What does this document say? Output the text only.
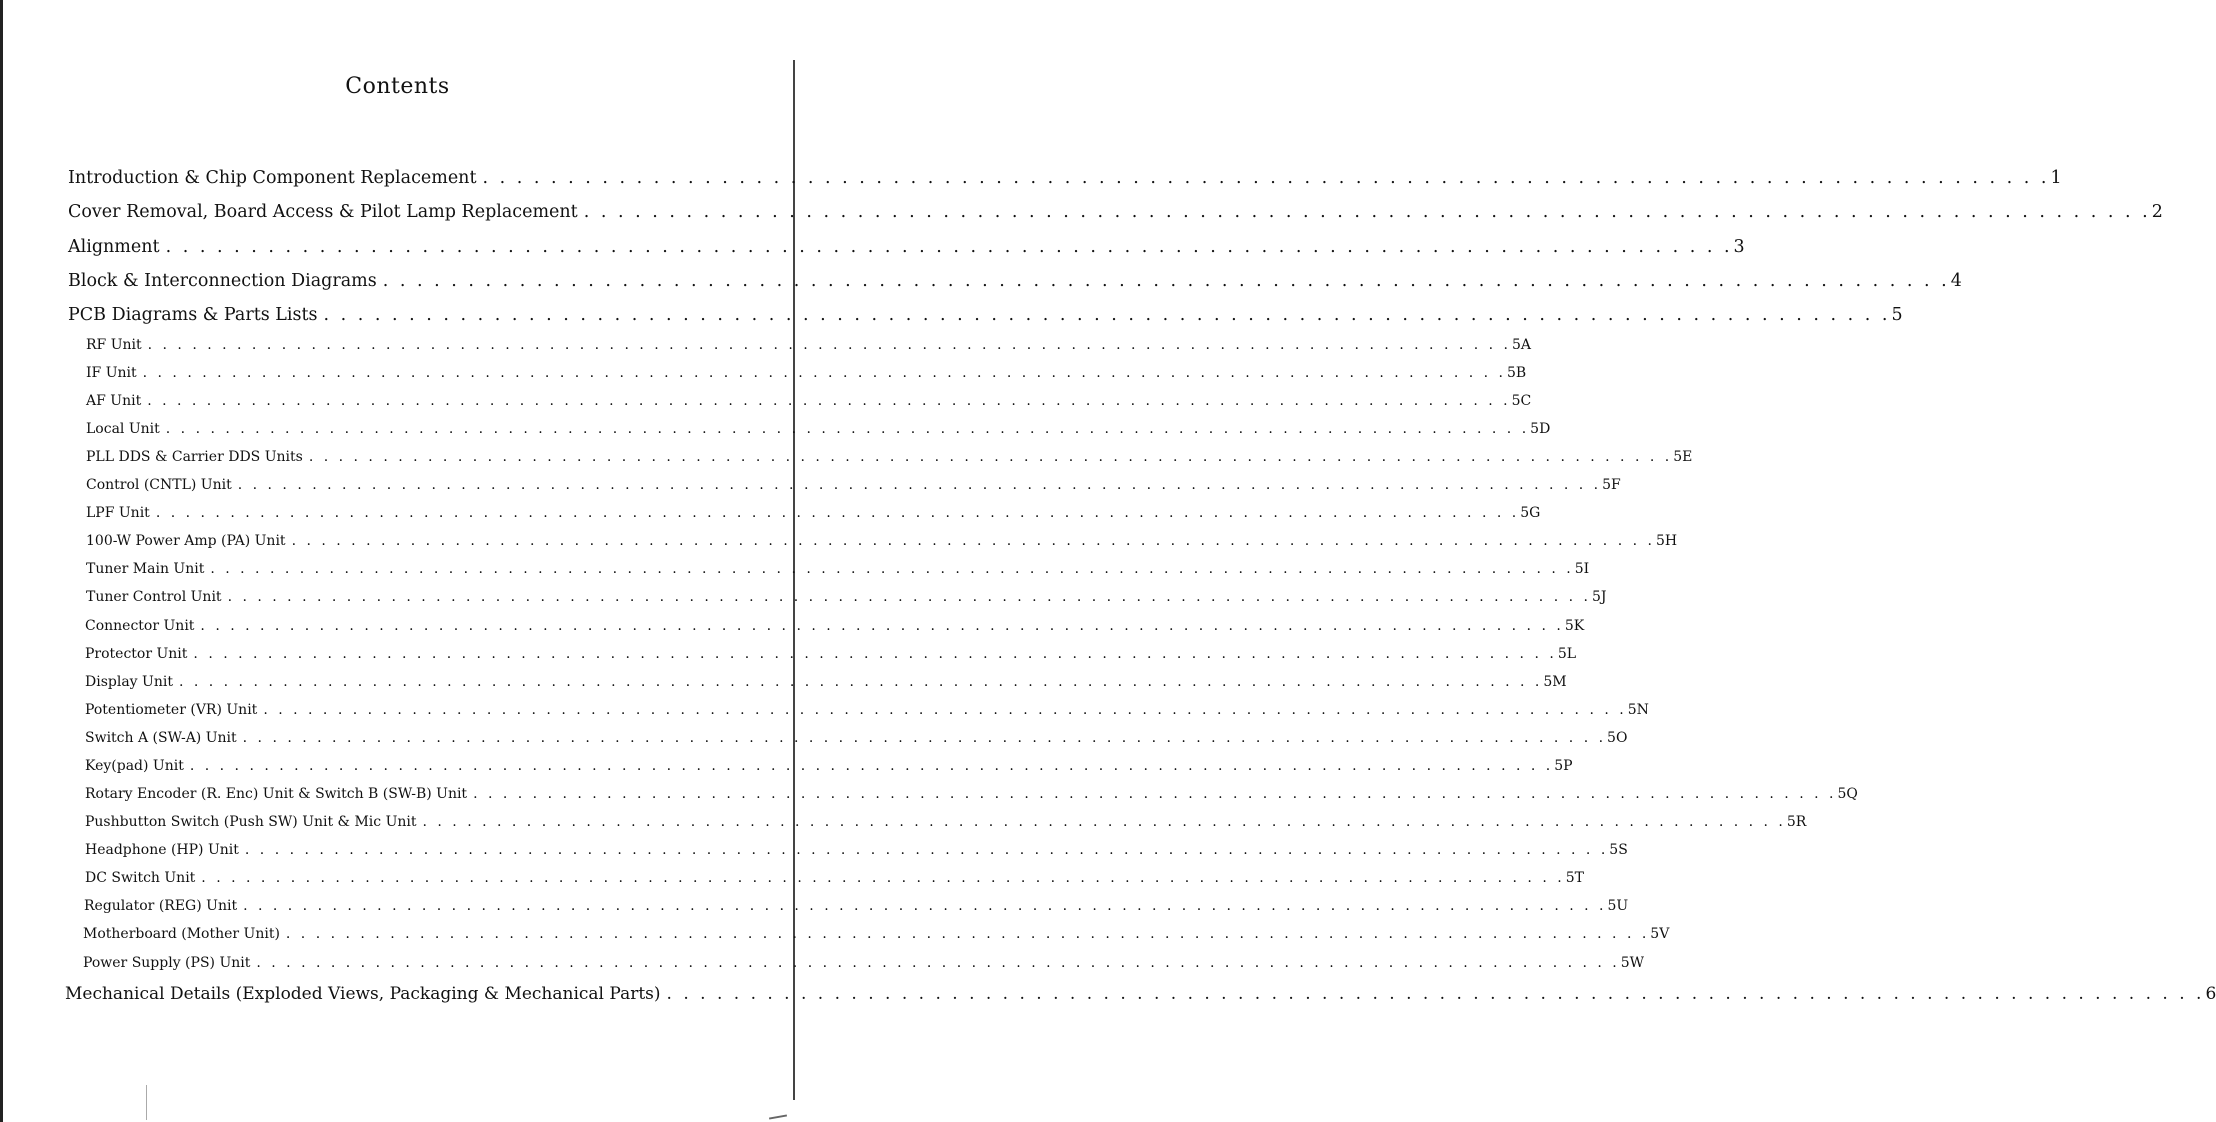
Contents
Introduction & Chip Component Replacement . . . . . . . . . . . . . . . . . . . . . . . . . . . . . . . . . . . . . . . . . . . . . . . . . . . . . . . . . . . . . . . . . . . . . . . . . . . . . . . . . . . . . . . . . . . . 1
Cover Removal, Board Access & Pilot Lamp Replacement . . . . . . . . . . . . . . . . . . . . . . . . . . . . . . . . . . . . . . . . . . . . . . . . . . . . . . . . . . . . . . . . . . . . . . . . . . . . . . . . . . . . . . . . . . . . 2
Alignment . . . . . . . . . . . . . . . . . . . . . . . . . . . . . . . . . . . . . . . . . . . . . . . . . . . . . . . . . . . . . . . . . . . . . . . . . . . . . . . . . . . . . . . . . . . . 3
Block & Interconnection Diagrams . . . . . . . . . . . . . . . . . . . . . . . . . . . . . . . . . . . . . . . . . . . . . . . . . . . . . . . . . . . . . . . . . . . . . . . . . . . . . . . . . . . . . . . . . . . . 4
PCB Diagrams & Parts Lists . . . . . . . . . . . . . . . . . . . . . . . . . . . . . . . . . . . . . . . . . . . . . . . . . . . . . . . . . . . . . . . . . . . . . . . . . . . . . . . . . . . . . . . . . . . . 5
RF Unit . . . . . . . . . . . . . . . . . . . . . . . . . . . . . . . . . . . . . . . . . . . . . . . . . . . . . . . . . . . . . . . . . . . . . . . . . . . . . . . . . . . . . . . . . . . . 5A
IF Unit . . . . . . . . . . . . . . . . . . . . . . . . . . . . . . . . . . . . . . . . . . . . . . . . . . . . . . . . . . . . . . . . . . . . . . . . . . . . . . . . . . . . . . . . . . . . 5B
AF Unit . . . . . . . . . . . . . . . . . . . . . . . . . . . . . . . . . . . . . . . . . . . . . . . . . . . . . . . . . . . . . . . . . . . . . . . . . . . . . . . . . . . . . . . . . . . . 5C
Local Unit . . . . . . . . . . . . . . . . . . . . . . . . . . . . . . . . . . . . . . . . . . . . . . . . . . . . . . . . . . . . . . . . . . . . . . . . . . . . . . . . . . . . . . . . . . . . 5D
PLL DDS & Carrier DDS Units . . . . . . . . . . . . . . . . . . . . . . . . . . . . . . . . . . . . . . . . . . . . . . . . . . . . . . . . . . . . . . . . . . . . . . . . . . . . . . . . . . . . . . . . . . . . 5E
Control (CNTL) Unit . . . . . . . . . . . . . . . . . . . . . . . . . . . . . . . . . . . . . . . . . . . . . . . . . . . . . . . . . . . . . . . . . . . . . . . . . . . . . . . . . . . . . . . . . . . . 5F
LPF Unit . . . . . . . . . . . . . . . . . . . . . . . . . . . . . . . . . . . . . . . . . . . . . . . . . . . . . . . . . . . . . . . . . . . . . . . . . . . . . . . . . . . . . . . . . . . . 5G
100-W Power Amp (PA) Unit . . . . . . . . . . . . . . . . . . . . . . . . . . . . . . . . . . . . . . . . . . . . . . . . . . . . . . . . . . . . . . . . . . . . . . . . . . . . . . . . . . . . . . . . . . . . 5H
Tuner Main Unit . . . . . . . . . . . . . . . . . . . . . . . . . . . . . . . . . . . . . . . . . . . . . . . . . . . . . . . . . . . . . . . . . . . . . . . . . . . . . . . . . . . . . . . . . . . . 5I
Tuner Control Unit . . . . . . . . . . . . . . . . . . . . . . . . . . . . . . . . . . . . . . . . . . . . . . . . . . . . . . . . . . . . . . . . . . . . . . . . . . . . . . . . . . . . . . . . . . . . 5J
Connector Unit . . . . . . . . . . . . . . . . . . . . . . . . . . . . . . . . . . . . . . . . . . . . . . . . . . . . . . . . . . . . . . . . . . . . . . . . . . . . . . . . . . . . . . . . . . . . 5K
Protector Unit . . . . . . . . . . . . . . . . . . . . . . . . . . . . . . . . . . . . . . . . . . . . . . . . . . . . . . . . . . . . . . . . . . . . . . . . . . . . . . . . . . . . . . . . . . . . 5L
Display Unit . . . . . . . . . . . . . . . . . . . . . . . . . . . . . . . . . . . . . . . . . . . . . . . . . . . . . . . . . . . . . . . . . . . . . . . . . . . . . . . . . . . . . . . . . . . . 5M
Potentiometer (VR) Unit . . . . . . . . . . . . . . . . . . . . . . . . . . . . . . . . . . . . . . . . . . . . . . . . . . . . . . . . . . . . . . . . . . . . . . . . . . . . . . . . . . . . . . . . . . . . 5N
Switch A (SW-A) Unit . . . . . . . . . . . . . . . . . . . . . . . . . . . . . . . . . . . . . . . . . . . . . . . . . . . . . . . . . . . . . . . . . . . . . . . . . . . . . . . . . . . . . . . . . . . . 5O
Key(pad) Unit . . . . . . . . . . . . . . . . . . . . . . . . . . . . . . . . . . . . . . . . . . . . . . . . . . . . . . . . . . . . . . . . . . . . . . . . . . . . . . . . . . . . . . . . . . . . 5P
Rotary Encoder (R. Enc) Unit & Switch B (SW-B) Unit . . . . . . . . . . . . . . . . . . . . . . . . . . . . . . . . . . . . . . . . . . . . . . . . . . . . . . . . . . . . . . . . . . . . . . . . . . . . . . . . . . . . . . . . . . . . 5Q
Pushbutton Switch (Push SW) Unit & Mic Unit . . . . . . . . . . . . . . . . . . . . . . . . . . . . . . . . . . . . . . . . . . . . . . . . . . . . . . . . . . . . . . . . . . . . . . . . . . . . . . . . . . . . . . . . . . . . 5R
Headphone (HP) Unit . . . . . . . . . . . . . . . . . . . . . . . . . . . . . . . . . . . . . . . . . . . . . . . . . . . . . . . . . . . . . . . . . . . . . . . . . . . . . . . . . . . . . . . . . . . . 5S
DC Switch Unit . . . . . . . . . . . . . . . . . . . . . . . . . . . . . . . . . . . . . . . . . . . . . . . . . . . . . . . . . . . . . . . . . . . . . . . . . . . . . . . . . . . . . . . . . . . . 5T
Regulator (REG) Unit . . . . . . . . . . . . . . . . . . . . . . . . . . . . . . . . . . . . . . . . . . . . . . . . . . . . . . . . . . . . . . . . . . . . . . . . . . . . . . . . . . . . . . . . . . . . 5U
Motherboard (Mother Unit) . . . . . . . . . . . . . . . . . . . . . . . . . . . . . . . . . . . . . . . . . . . . . . . . . . . . . . . . . . . . . . . . . . . . . . . . . . . . . . . . . . . . . . . . . . . . 5V
Power Supply (PS) Unit . . . . . . . . . . . . . . . . . . . . . . . . . . . . . . . . . . . . . . . . . . . . . . . . . . . . . . . . . . . . . . . . . . . . . . . . . . . . . . . . . . . . . . . . . . . . 5W
Mechanical Details (Exploded Views, Packaging & Mechanical Parts) . . . . . . . . . . . . . . . . . . . . . . . . . . . . . . . . . . . . . . . . . . . . . . . . . . . . . . . . . . . . . . . . . . . . . . . . . . . . . . . . . . . . . . . . . . . . 6
